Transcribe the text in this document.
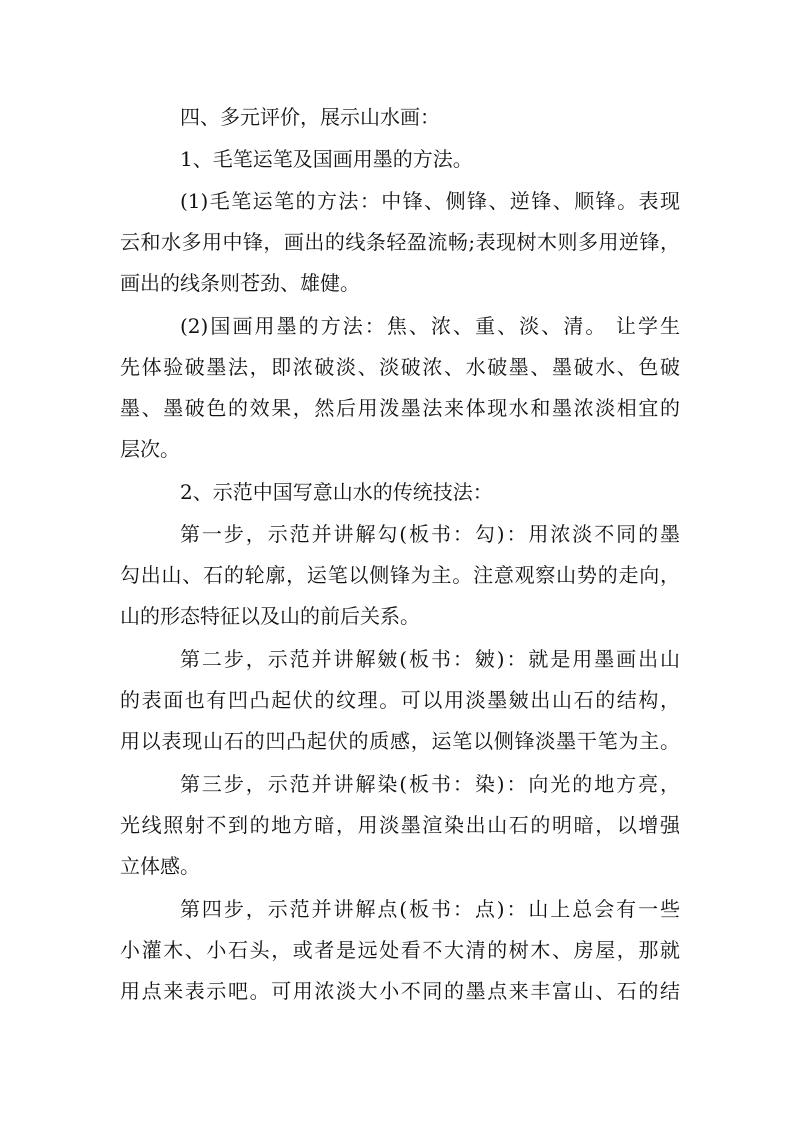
四、多元评价，展示山水画：
1、毛笔运笔及国画用墨的方法。
(1)毛笔运笔的方法：中锋、侧锋、逆锋、顺锋。表现
云和水多用中锋，画出的线条轻盈流畅;表现树木则多用逆锋，
画出的线条则苍劲、雄健。
(2)国画用墨的方法：焦、浓、重、淡、清。 让学生
先体验破墨法，即浓破淡、淡破浓、水破墨、墨破水、色破
墨、墨破色的效果，然后用泼墨法来体现水和墨浓淡相宜的
层次。
2、示范中国写意山水的传统技法：
第一步，示范并讲解勾(板书：勾)：用浓淡不同的墨
勾出山、石的轮廓，运笔以侧锋为主。注意观察山势的走向，
山的形态特征以及山的前后关系。
第二步，示范并讲解皴(板书：皴)：就是用墨画出山
的表面也有凹凸起伏的纹理。可以用淡墨皴出山石的结构，
用以表现山石的凹凸起伏的质感，运笔以侧锋淡墨干笔为主。
第三步，示范并讲解染(板书：染)：向光的地方亮，
光线照射不到的地方暗，用淡墨渲染出山石的明暗，以增强
立体感。
第四步，示范并讲解点(板书：点)：山上总会有一些
小灌木、小石头，或者是远处看不大清的树木、房屋，那就
用点来表示吧。可用浓淡大小不同的墨点来丰富山、石的结
